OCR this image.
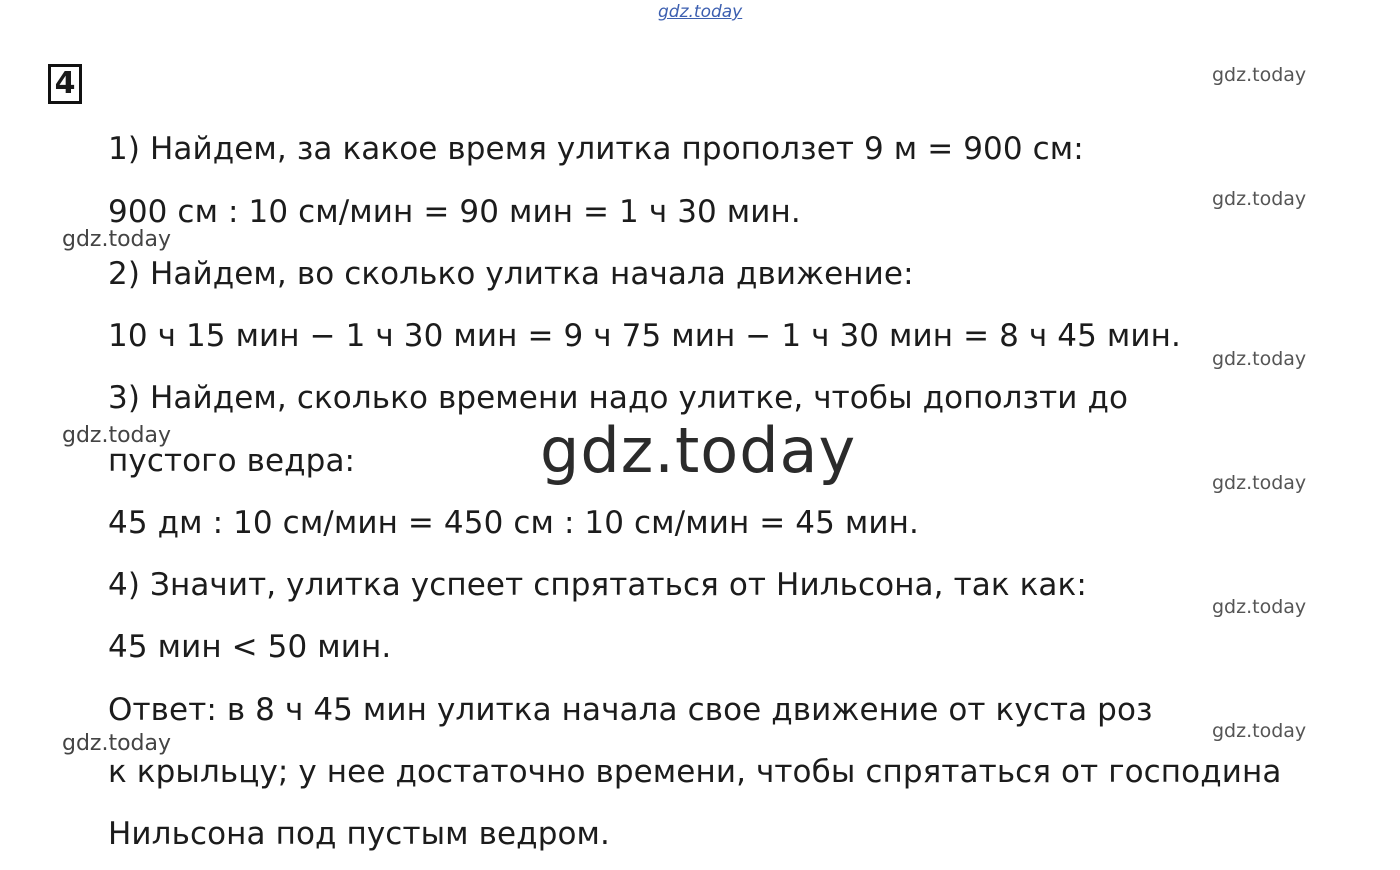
gdz.today
4
1) Найдем, за какое время улитка проползет 9 м = 900 см:
900 см : 10 см/мин = 90 мин = 1 ч 30 мин.
2) Найдем, во сколько улитка начала движение:
10 ч 15 мин − 1 ч 30 мин = 9 ч 75 мин − 1 ч 30 мин = 8 ч 45 мин.
3) Найдем, сколько времени надо улитке, чтобы доползти до
пустого ведра:
45 дм : 10 см/мин = 450 см : 10 см/мин = 45 мин.
4) Значит, улитка успеет спрятаться от Нильсона, так как:
45 мин < 50 мин.
Ответ: в 8 ч 45 мин улитка начала свое движение от куста роз
к крыльцу; у нее достаточно времени, чтобы спрятаться от господина
Нильсона под пустым ведром.
gdz.today
gdz.today
gdz.today
gdz.today
gdz.today
gdz.today
gdz.today
gdz.today
gdz.today
gdz.today
